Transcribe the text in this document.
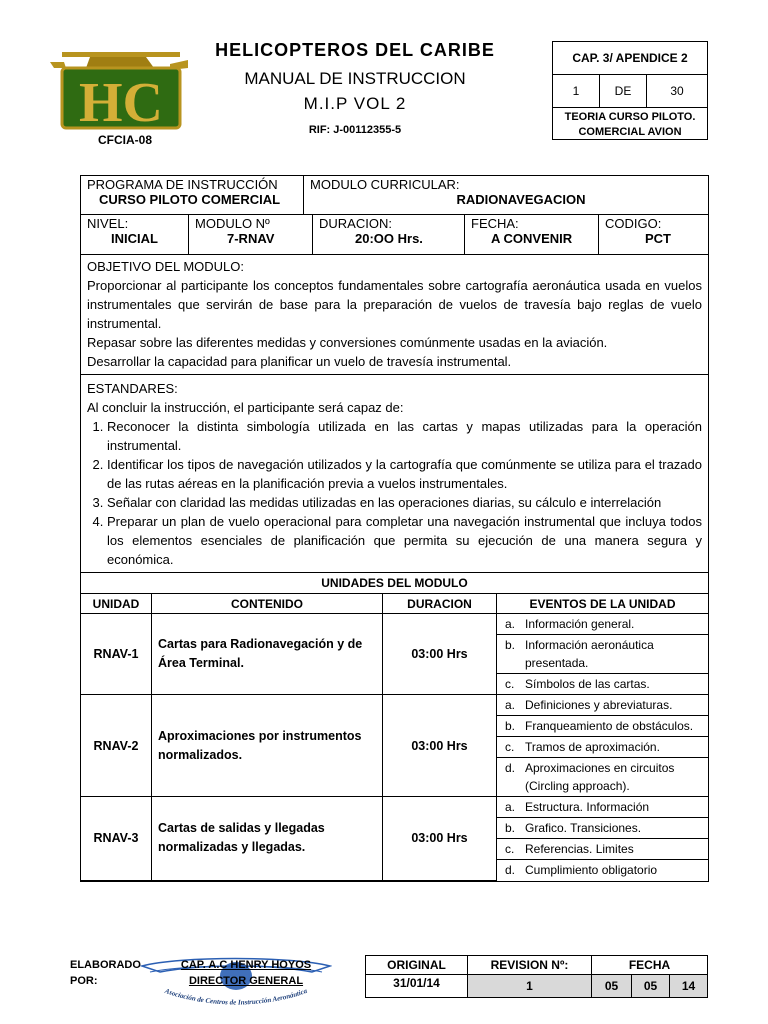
HC
CFCIA-08
HELICOPTEROS DEL CARIBE
MANUAL DE INSTRUCCION
M.I.P VOL 2
RIF: J-00112355-5
CAP. 3/ APENDICE 2
1	DE	30
TEORIA CURSO PILOTO.
COMERCIAL AVION
PROGRAMA DE INSTRUCCIÓN
CURSO PILOTO COMERCIAL
MODULO CURRICULAR:
RADIONAVEGACION
NIVEL:
INICIAL
MODULO Nº
7-RNAV
DURACION:
20:OO Hrs.
FECHA:
A CONVENIR
CODIGO:
PCT

OBJETIVO DEL MODULO:

Proporcionar al participante los conceptos fundamentales sobre cartografía aeronáutica usada en vuelos instrumentales que servirán de base para la preparación de vuelos de travesía bajo reglas de vuelo instrumental.

Repasar sobre las diferentes medidas y conversiones comúnmente usadas en la aviación.

Desarrollar la capacidad para planificar un vuelo de travesía instrumental.

ESTANDARES:

Al concluir la instrucción, el participante será capaz de:

1. Reconocer la distinta simbología utilizada en las cartas y mapas utilizadas para la operación instrumental.
2. Identificar los tipos de navegación utilizados y la cartografía que comúnmente se utiliza para el trazado de las rutas aéreas en la planificación previa a vuelos instrumentales.
3. Señalar con claridad las medidas utilizadas en las operaciones diarias, su cálculo e interrelación
4. Preparar un plan de vuelo operacional para completar una navegación instrumental que incluya todos los elementos esenciales de planificación que permita su ejecución de una manera segura y económica.
UNIDADES DEL MODULO
UNIDAD	CONTENIDO	DURACION	EVENTOS DE LA UNIDAD
RNAV-1	Cartas para Radionavegación y de Área Terminal.	03:00 Hrs	a. Información general.

			b. Información aeronáutica presentada.

			c. Símbolos de las cartas.

RNAV-2	Aproximaciones por instrumentos normalizados.	03:00 Hrs	a. Definiciones y abreviaturas.

			b. Franqueamiento de obstáculos.

			c. Tramos de aproximación.

			d. Aproximaciones en circuitos (Circling approach).

RNAV-3	Cartas de salidas y llegadas normalizadas y llegadas.	03:00 Hrs	a. Estructura. Información

			b. Grafico. Transiciones.

			c. Referencias. Limites

			d. Cumplimiento obligatorio
ELABORADO
POR:
Asociación de Centros de Instrucción Aeronáutica
CAP. A.C HENRY HOYOS
DIRECTOR GENERAL
ORIGINAL	REVISION Nº:	FECHA
31/01/14	1	05	05	14
